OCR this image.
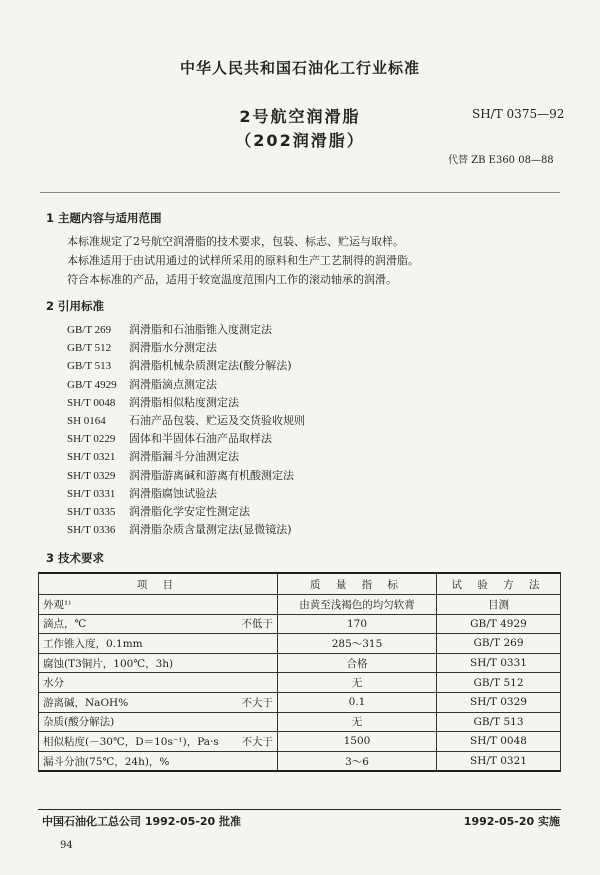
中华人民共和国石油化工行业标准
2号航空润滑脂
（202润滑脂）
SH/T 0375—92
代替 ZB E360 08—88
1 主题内容与适用范围
本标准规定了2号航空润滑脂的技术要求，包装、标志、贮运与取样。
本标准适用于由试用通过的试样所采用的原料和生产工艺制得的润滑脂。
符合本标准的产品，适用于较宽温度范围内工作的滚动轴承的润滑。
2 引用标准
GB/T 269 润滑脂和石油脂锥入度测定法
GB/T 512 润滑脂水分测定法
GB/T 513 润滑脂机械杂质测定法(酸分解法)
GB/T 4929 润滑脂滴点测定法
SH/T 0048 润滑脂相似粘度测定法
SH 0164 石油产品包装、贮运及交货验收规则
SH/T 0229 固体和半固体石油产品取样法
SH/T 0321 润滑脂漏斗分油测定法
SH/T 0329 润滑脂游离碱和游离有机酸测定法
SH/T 0331 润滑脂腐蚀试验法
SH/T 0335 润滑脂化学安定性测定法
SH/T 0336 润滑脂杂质含量测定法(显微镜法)
3 技术要求
项 目	质 量 指 标	试 验 方 法
外观¹⁾	由黄至浅褐色的均匀软膏	目测
滴点，℃ 不低于	170	GB/T 4929
工作锥入度，0.1mm	285～315	GB/T 269
腐蚀(T3铜片，100℃，3h)	合格	SH/T 0331
水分	无	GB/T 512
游离碱，NaOH% 不大于	0.1	SH/T 0329
杂质(酸分解法)	无	GB/T 513
相似粘度(－30℃，D＝10s⁻¹)，Pa·s 不大于	1500	SH/T 0048
漏斗分油(75℃，24h)，%	3～6	SH/T 0321
中国石油化工总公司 1992-05-20 批准	1992-05-20 实施
94
